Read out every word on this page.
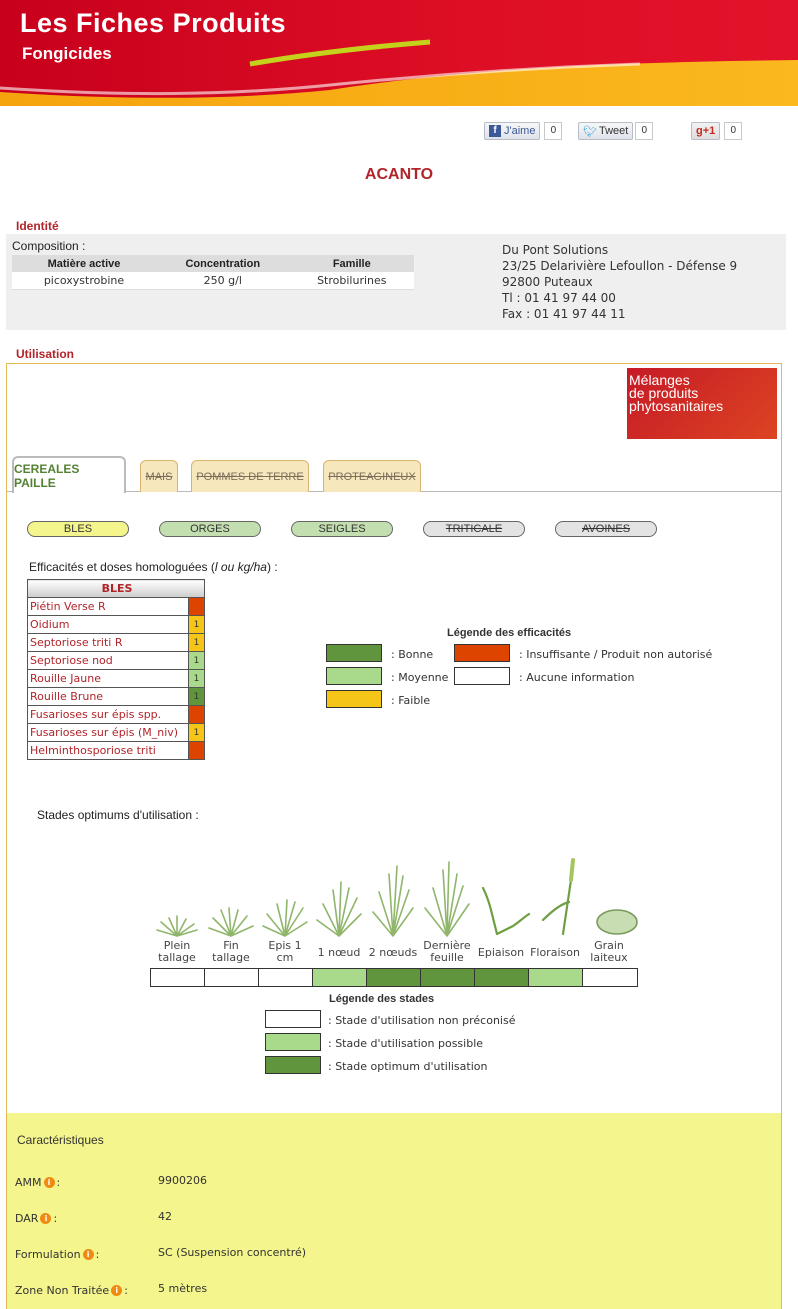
Les Fiches Produits
Fongicides
f J'aime	0	🐦︎ Tweet	0	g +1	0
ACANTO
Identité
Composition :
Matière active	Concentration	Famille
picoxystrobine	250 g/l	Strobilurines
Du Pont Solutions
23/25 Delarivière Lefoullon - Défense 9
92800 Puteaux
Tl : 01 41 97 44 00
Fax : 01 41 97 44 11
Utilisation
Mélanges
de produits
phytosanitaires
CEREALES PAILLE	MAIS	POMMES DE TERRE	PROTEAGINEUX
BLES	ORGES	SEIGLES	TRITICALE	AVOINES
Efficacités et doses homologuées (l ou kg/ha) :
BLES	
Piétin Verse R	
Oidium	1
Septoriose triti R	1
Septoriose nod	1
Rouille Jaune	1
Rouille Brune	1
Fusarioses sur épis spp.	
Fusarioses sur épis (M_niv)	1
Helminthosporiose triti	
Légende des efficacités
: Bonne	: Insuffisante / Produit non autorisé
: Moyenne	: Aucune information
: Faible
Stades optimums d'utilisation :
Plein
tallage
Fin
tallage
Epis 1
cm	1 nœud 2 nœuds
Dernière
feuille	Epiaison Floraison
Grain
laiteux
Légende des stades
: Stade d'utilisation non préconisé
: Stade d'utilisation possible
: Stade optimum d'utilisation
Caractéristiques
AMM i :	9900206
DAR i :	42
Formulation i :	SC (Suspension concentré)
Zone Non Traitée i :	5 mètres
